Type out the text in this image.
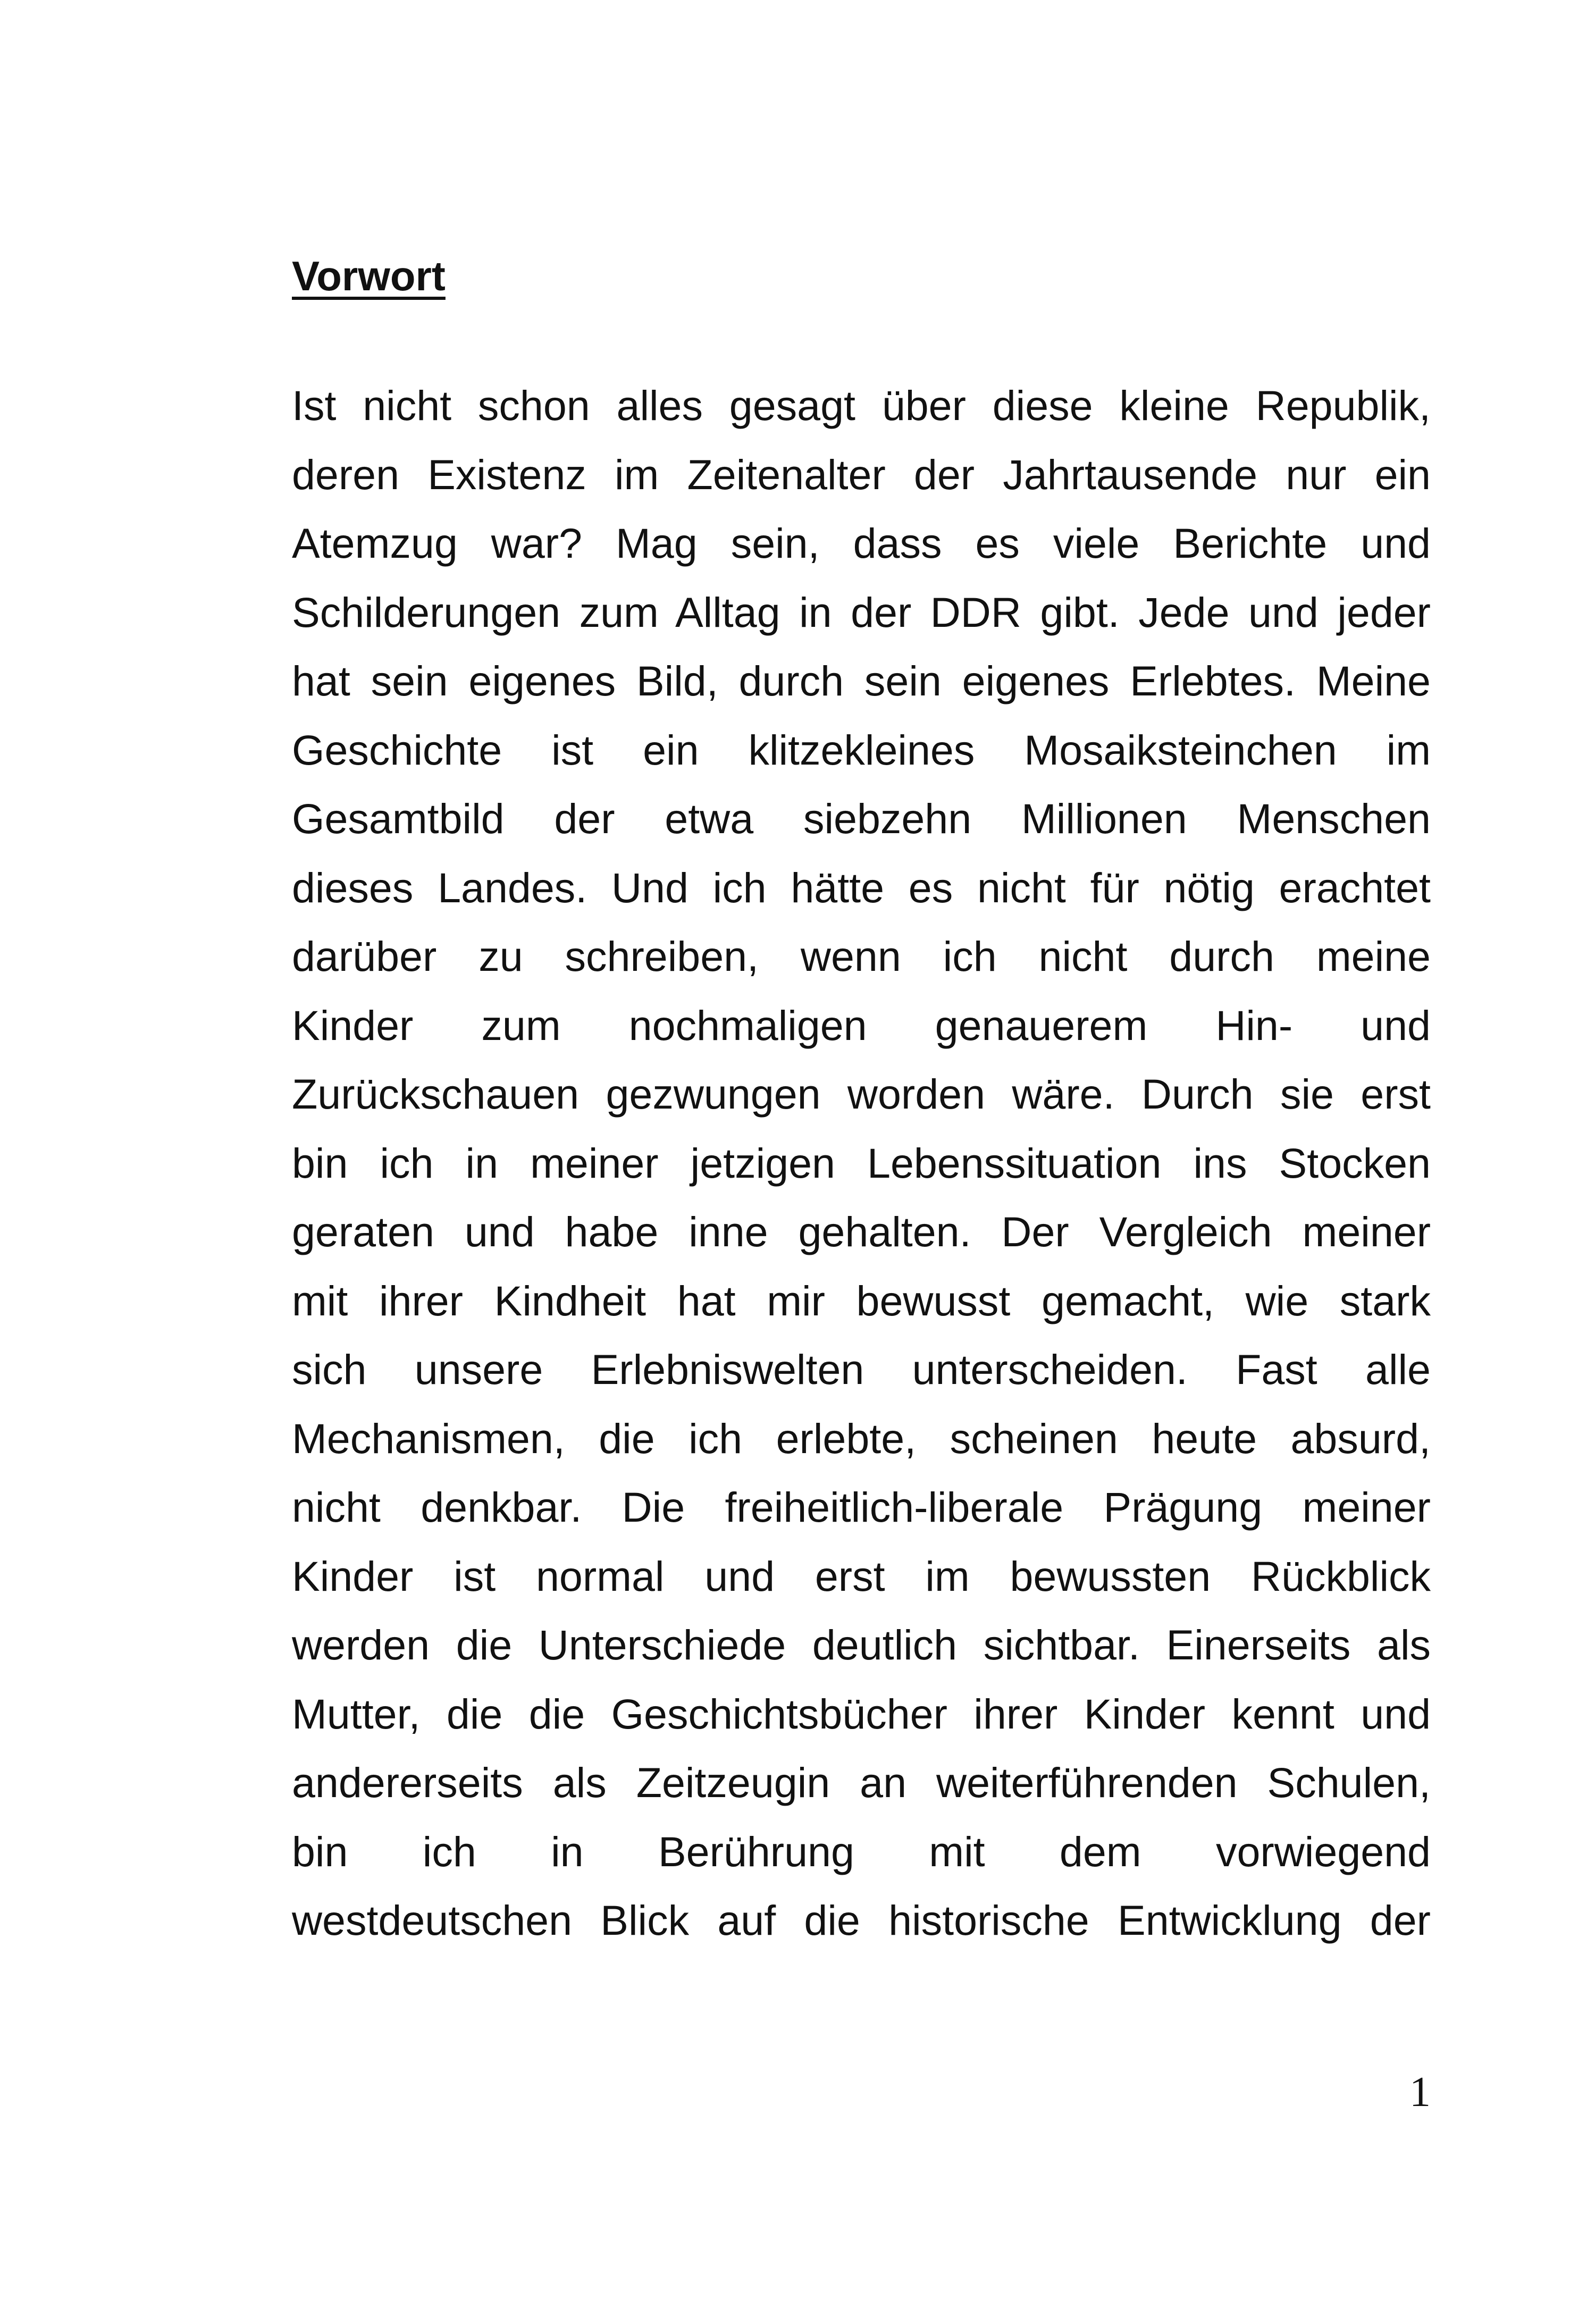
Vorwort
Ist nicht schon alles gesagt über diese kleine Republik,
deren Existenz im Zeitenalter der Jahrtausende nur ein
Atemzug war? Mag sein, dass es viele Berichte und
Schilderungen zum Alltag in der DDR gibt. Jede und jeder
hat sein eigenes Bild, durch sein eigenes Erlebtes. Meine
Geschichte ist ein klitzekleines Mosaiksteinchen im
Gesamtbild der etwa siebzehn Millionen Menschen
dieses Landes. Und ich hätte es nicht für nötig erachtet
darüber zu schreiben, wenn ich nicht durch meine
Kinder zum nochmaligen genauerem Hin- und
Zurückschauen gezwungen worden wäre. Durch sie erst
bin ich in meiner jetzigen Lebenssituation ins Stocken
geraten und habe inne gehalten. Der Vergleich meiner
mit ihrer Kindheit hat mir bewusst gemacht, wie stark
sich unsere Erlebniswelten unterscheiden. Fast alle
Mechanismen, die ich erlebte, scheinen heute absurd,
nicht denkbar. Die freiheitlich-liberale Prägung meiner
Kinder ist normal und erst im bewussten Rückblick
werden die Unterschiede deutlich sichtbar. Einerseits als
Mutter, die die Geschichtsbücher ihrer Kinder kennt und
andererseits als Zeitzeugin an weiterführenden Schulen,
bin ich in Berührung mit dem vorwiegend
westdeutschen Blick auf die historische Entwicklung der
1
